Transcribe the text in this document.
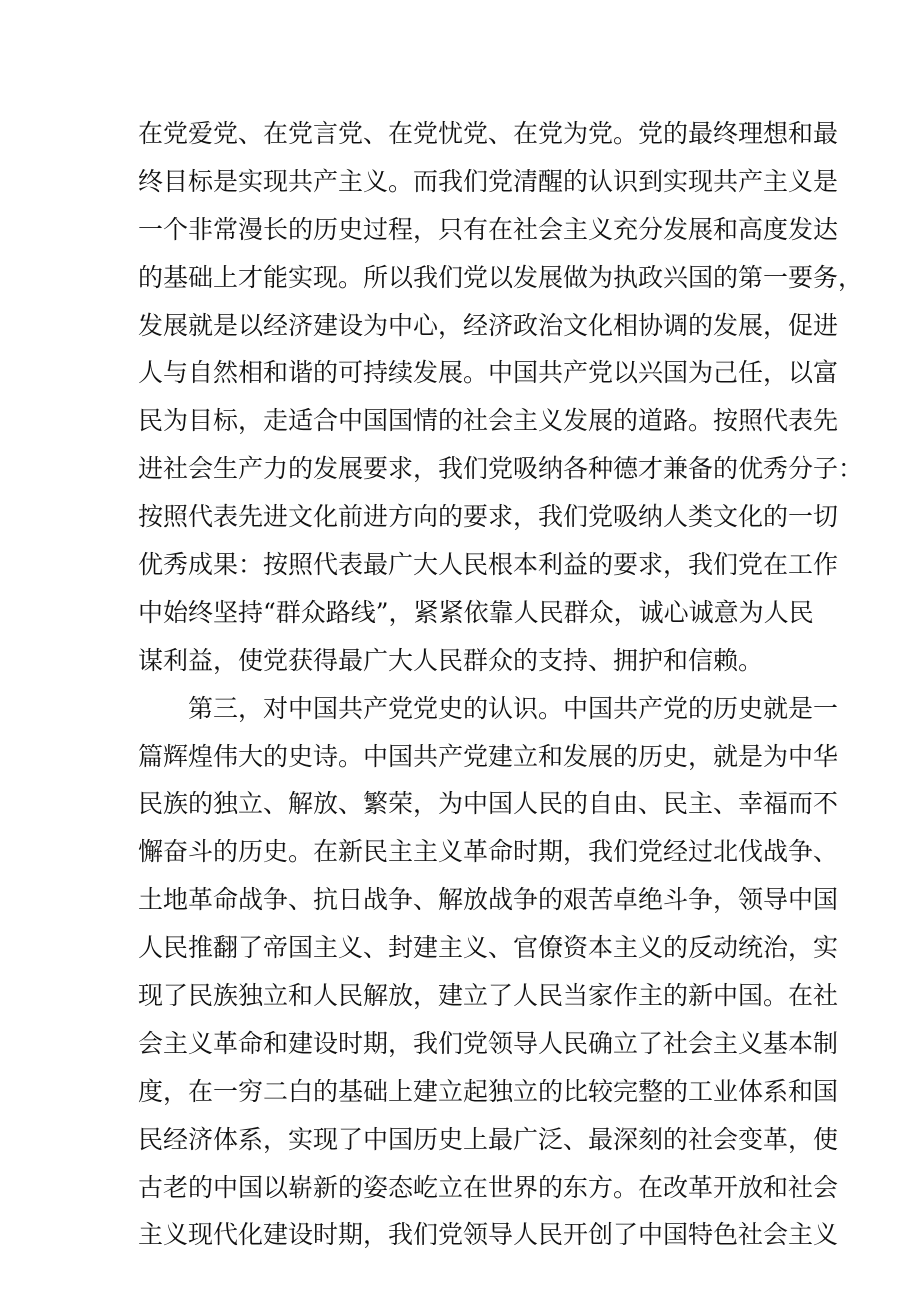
在党爱党、在党言党、在党忧党、在党为党。党的最终理想和最
终目标是实现共产主义。而我们党清醒的认识到实现共产主义是
一个非常漫长的历史过程，只有在社会主义充分发展和高度发达
的基础上才能实现。所以我们党以发展做为执政兴国的第一要务，
发展就是以经济建设为中心，经济政治文化相协调的发展，促进
人与自然相和谐的可持续发展。中国共产党以兴国为己任，以富
民为目标，走适合中国国情的社会主义发展的道路。按照代表先
进社会生产力的发展要求，我们党吸纳各种德才兼备的优秀分子：
按照代表先进文化前进方向的要求，我们党吸纳人类文化的一切
优秀成果：按照代表最广大人民根本利益的要求，我们党在工作
中始终坚持“群众路线”，紧紧依靠人民群众，诚心诚意为人民
谋利益，使党获得最广大人民群众的支持、拥护和信赖。
第三，对中国共产党党史的认识。中国共产党的历史就是一
篇辉煌伟大的史诗。中国共产党建立和发展的历史，就是为中华
民族的独立、解放、繁荣，为中国人民的自由、民主、幸福而不
懈奋斗的历史。在新民主主义革命时期，我们党经过北伐战争、
土地革命战争、抗日战争、解放战争的艰苦卓绝斗争，领导中国
人民推翻了帝国主义、封建主义、官僚资本主义的反动统治，实
现了民族独立和人民解放，建立了人民当家作主的新中国。在社
会主义革命和建设时期，我们党领导人民确立了社会主义基本制
度，在一穷二白的基础上建立起独立的比较完整的工业体系和国
民经济体系，实现了中国历史上最广泛、最深刻的社会变革，使
古老的中国以崭新的姿态屹立在世界的东方。在改革开放和社会
主义现代化建设时期，我们党领导人民开创了中国特色社会主义
